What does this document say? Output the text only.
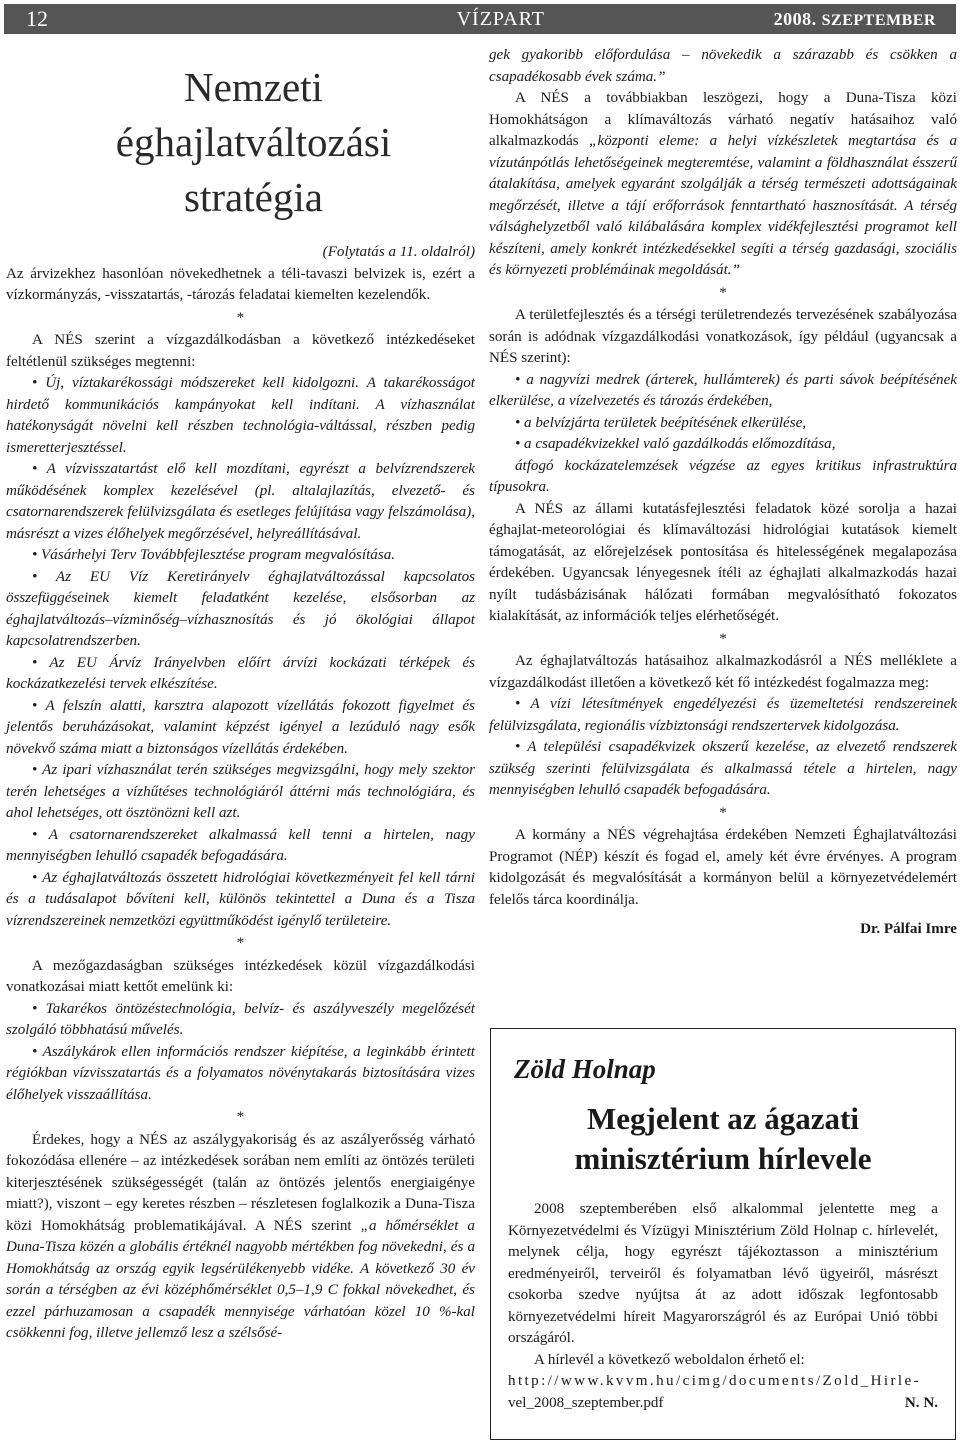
12	VÍZPART	2008. SZEPTEMBER
Nemzeti
éghajlatváltozási
stratégia

(Folytatás a 11. oldalról)

Az árvizekhez hasonlóan növekedhetnek a téli-tavaszi belvizek is, ezért a vízkormányzás, -visszatartás, -tározás feladatai kiemelten kezelendők.

*

A NÉS szerint a vízgazdálkodásban a következő intézkedéseket feltétlenül szükséges megtenni:

• Új, víztakarékossági módszereket kell kidolgozni. A takarékosságot hirdető kommunikációs kampányokat kell indítani. A vízhasználat hatékonyságát növelni kell részben technológia-váltással, részben pedig ismeretterjesztéssel.

• A vízvisszatartást elő kell mozdítani, egyrészt a belvízrendszerek működésének komplex kezelésével (pl. altalajlazítás, elvezető- és csatornarendszerek felülvizsgálata és esetleges felújítása vagy felszámolása), másrészt a vizes élőhelyek megőrzésével, helyreállításával.

• Vásárhelyi Terv Továbbfejlesztése program megvalósítása.

• Az EU Víz Keretirányelv éghajlatváltozással kapcsolatos összefüggéseinek kiemelt feladatként kezelése, elsősorban az éghajlatváltozás–vízminőség–vízhasznosítás és jó ökológiai állapot kapcsolatrendszerben.

• Az EU Árvíz Irányelvben előírt árvízi kockázati térképek és kockázatkezelési tervek elkészítése.

• A felszín alatti, karsztra alapozott vízellátás fokozott figyelmet és jelentős beruházásokat, valamint képzést igényel a lezúduló nagy esők növekvő száma miatt a biztonságos vízellátás érdekében.

• Az ipari vízhasználat terén szükséges megvizsgálni, hogy mely szektor terén lehetséges a vízhűtéses technológiáról áttérni más technológiára, és ahol lehetséges, ott ösztönözni kell azt.

• A csatornarendszereket alkalmassá kell tenni a hirtelen, nagy mennyiségben lehulló csapadék befogadására.

• Az éghajlatváltozás összetett hidrológiai következményeit fel kell tárni és a tudásalapot bővíteni kell, különös tekintettel a Duna és a Tisza vízrendszereinek nemzetközi együttműködést igénylő területeire.

*

A mezőgazdaságban szükséges intézkedések közül vízgazdálkodási vonatkozásai miatt kettőt emelünk ki:

• Takarékos öntözéstechnológia, belvíz- és aszályveszély megelőzését szolgáló többhatású művelés.

• Aszálykárok ellen információs rendszer kiépítése, a leginkább érintett régiókban vízvisszatartás és a folyamatos növénytakarás biztosítására vizes élőhelyek visszaállítása.

*

Érdekes, hogy a NÉS az aszálygyakoriság és az aszályerősség várható fokozódása ellenére – az intézkedések sorában nem említi az öntözés területi kiterjesztésének szükségességét (talán az öntözés jelentős energiaigénye miatt?), viszont – egy keretes részben – részletesen foglalkozik a Duna-Tisza közi Homokhátság problematikájával. A NÉS szerint „a hőmérséklet a Duna-Tisza közén a globális értéknél nagyobb mértékben fog növekedni, és a Homokhátság az ország egyik legsérülékenyebb vidéke. A következő 30 év során a térségben az évi középhőmérséklet 0,5–1,9 C fokkal növekedhet, és ezzel párhuzamosan a csapadék mennyisége várhatóan közel 10 %-kal csökkenni fog, illetve jellemző lesz a szélsősé-

gek gyakoribb előfordulása – növekedik a szárazabb és csökken a csapadékosabb évek száma.”

A NÉS a továbbiakban leszögezi, hogy a Duna-Tisza közi Homokhátságon a klímaváltozás várható negatív hatásaihoz való alkalmazkodás „központi eleme: a helyi vízkészletek megtartása és a vízutánpótlás lehetőségeinek megteremtése, valamint a földhasználat ésszerű átalakítása, amelyek egyaránt szolgálják a térség természeti adottságainak megőrzését, illetve a tájí erőforrások fenntartható hasznosítását. A térség válsághelyzetből való kilábalására komplex vidékfejlesztési programot kell készíteni, amely konkrét intézkedésekkel segíti a térség gazdasági, szociális és környezeti problémáinak megoldását.”

*

A területfejlesztés és a térségi területrendezés tervezésének szabályozása során is adódnak vízgazdálkodási vonatkozások, így például (ugyancsak a NÉS szerint):

• a nagyvízi medrek (árterek, hullámterek) és parti sávok beépítésének elkerülése, a vízelvezetés és tározás érdekében,

• a belvízjárta területek beépítésének elkerülése,

• a csapadékvizekkel való gazdálkodás előmozdítása,

átfogó kockázatelemzések végzése az egyes kritikus infrastruktúra típusokra.

A NÉS az állami kutatásfejlesztési feladatok közé sorolja a hazai éghajlat-meteorológiai és klímaváltozási hidrológiai kutatások kiemelt támogatását, az előrejelzések pontosítása és hitelességének megalapozása érdekében. Ugyancsak lényegesnek ítéli az éghajlati alkalmazkodás hazai nyílt tudásbázisának hálózati formában megvalósítható fokozatos kialakítását, az információk teljes elérhetőségét.

*

Az éghajlatváltozás hatásaihoz alkalmazkodásról a NÉS melléklete a vízgazdálkodást illetően a következő két fő intézkedést fogalmazza meg:

• A vízi létesítmények engedélyezési és üzemeltetési rendszereinek felülvizsgálata, regionális vízbiztonsági rendszertervek kidolgozása.

• A települési csapadékvizek okszerű kezelése, az elvezető rendszerek szükség szerinti felülvizsgálata és alkalmassá tétele a hirtelen, nagy mennyiségben lehulló csapadék befogadására.

*

A kormány a NÉS végrehajtása érdekében Nemzeti Éghajlatváltozási Programot (NÉP) készít és fogad el, amely két évre érvényes. A program kidolgozását és megvalósítását a kormányon belül a környezetvédelemért felelős tárca koordinálja.

Dr. Pálfai Imre

Zöld Holnap
Megjelent az ágazati
minisztérium hírlevele

2008 szeptemberében első alkalommal jelentette meg a Környezetvédelmi és Vízügyi Minisztérium Zöld Holnap c. hírlevelét, melynek célja, hogy egyrészt tájékoztasson a minisztérium eredményeiről, terveiről és folyamatban lévő ügyeiről, másrészt csokorba szedve nyújtsa át az adott időszak legfontosabb környezetvédelmi híreit Magyarországról és az Európai Unió többi országáról.

A hírlevél a következő weboldalon érhető el:

http://www.kvvm.hu/cimg/documents/Zold_Hirle-
vel_2008_szeptember.pdf	N. N.
